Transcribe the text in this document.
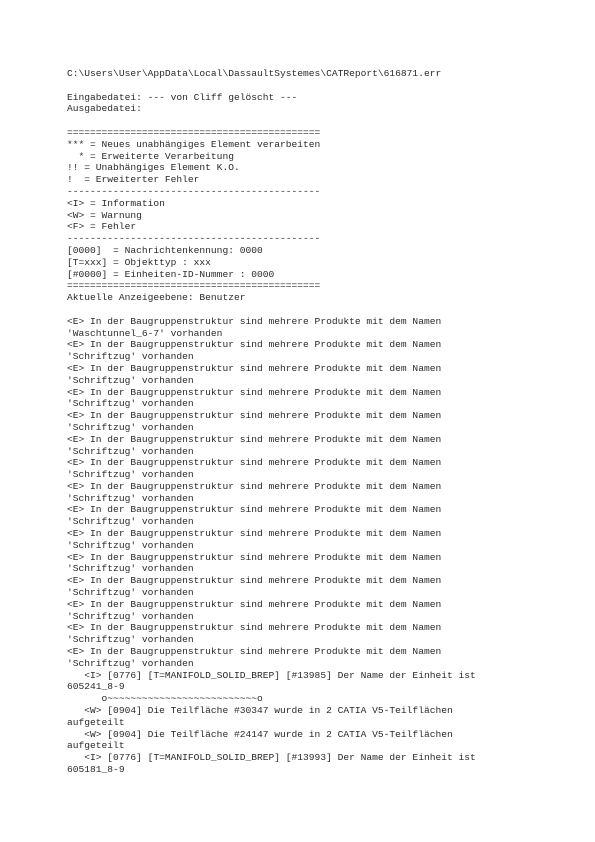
C:\Users\User\AppData\Local\DassaultSystemes\CATReport\616871.err
Eingabedatei: --- von Cliff gelöscht ---
Ausgabedatei:
============================================
*** = Neues unabhängiges Element verarbeiten
* = Erweiterte Verarbeitung
!! = Unabhängiges Element K.O.
!  = Erweiterter Fehler
--------------------------------------------
<I> = Information
<W> = Warnung
<F> = Fehler
--------------------------------------------
[0000]  = Nachrichtenkennung: 0000
[T=xxx] = Objekttyp : xxx
[#0000] = Einheiten-ID-Nummer : 0000
============================================
Aktuelle Anzeigeebene: Benutzer
<E> In der Baugruppenstruktur sind mehrere Produkte mit dem Namen
'Waschtunnel_6-7' vorhanden
<E> In der Baugruppenstruktur sind mehrere Produkte mit dem Namen
'Schriftzug' vorhanden
<E> In der Baugruppenstruktur sind mehrere Produkte mit dem Namen
'Schriftzug' vorhanden
<E> In der Baugruppenstruktur sind mehrere Produkte mit dem Namen
'Schriftzug' vorhanden
<E> In der Baugruppenstruktur sind mehrere Produkte mit dem Namen
'Schriftzug' vorhanden
<E> In der Baugruppenstruktur sind mehrere Produkte mit dem Namen
'Schriftzug' vorhanden
<E> In der Baugruppenstruktur sind mehrere Produkte mit dem Namen
'Schriftzug' vorhanden
<E> In der Baugruppenstruktur sind mehrere Produkte mit dem Namen
'Schriftzug' vorhanden
<E> In der Baugruppenstruktur sind mehrere Produkte mit dem Namen
'Schriftzug' vorhanden
<E> In der Baugruppenstruktur sind mehrere Produkte mit dem Namen
'Schriftzug' vorhanden
<E> In der Baugruppenstruktur sind mehrere Produkte mit dem Namen
'Schriftzug' vorhanden
<E> In der Baugruppenstruktur sind mehrere Produkte mit dem Namen
'Schriftzug' vorhanden
<E> In der Baugruppenstruktur sind mehrere Produkte mit dem Namen
'Schriftzug' vorhanden
<E> In der Baugruppenstruktur sind mehrere Produkte mit dem Namen
'Schriftzug' vorhanden
<E> In der Baugruppenstruktur sind mehrere Produkte mit dem Namen
'Schriftzug' vorhanden
<I> [0776] [T=MANIFOLD_SOLID_BREP] [#13985] Der Name der Einheit ist
605241_8-9
o~~~~~~~~~~~~~~~~~~~~~~~~~~o
<W> [0904] Die Teilfläche #30347 wurde in 2 CATIA V5-Teilflächen
aufgeteilt
<W> [0904] Die Teilfläche #24147 wurde in 2 CATIA V5-Teilflächen
aufgeteilt
<I> [0776] [T=MANIFOLD_SOLID_BREP] [#13993] Der Name der Einheit ist
605181_8-9
